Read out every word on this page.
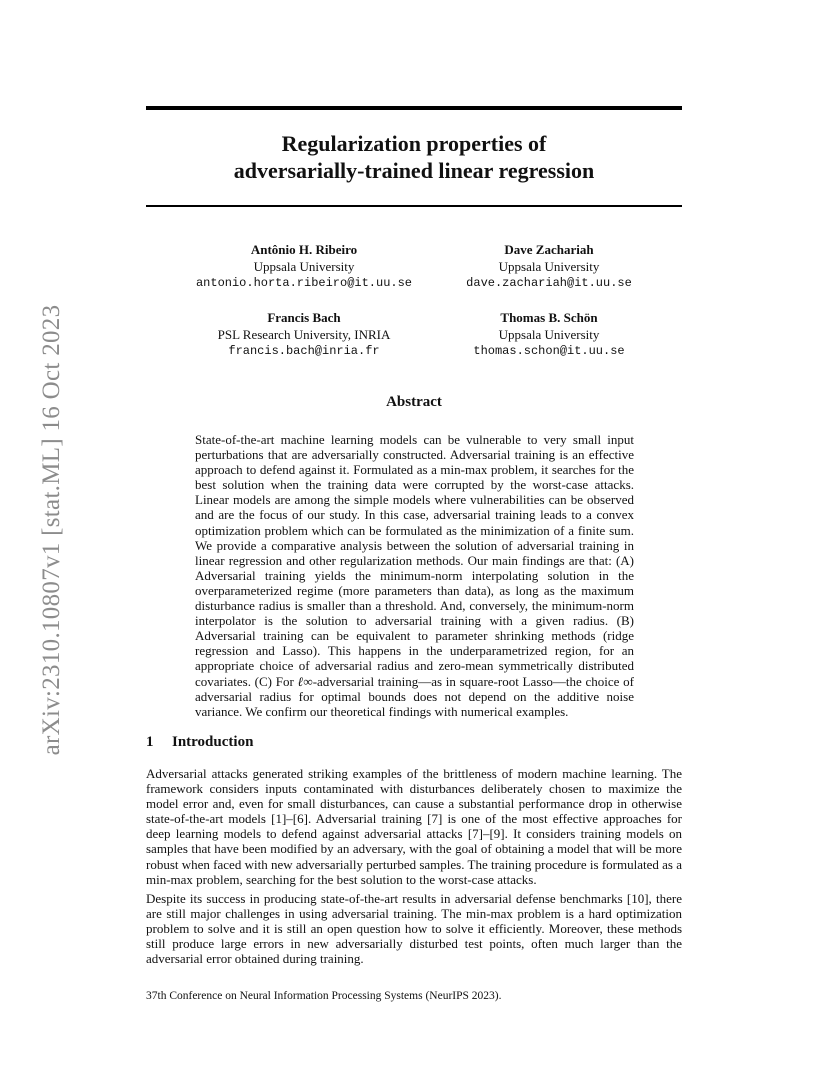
arXiv:2310.10807v1 [stat.ML] 16 Oct 2023
Regularization properties of
adversarially-trained linear regression
Antônio H. Ribeiro
Uppsala University
antonio.horta.ribeiro@it.uu.se
Dave Zachariah
Uppsala University
dave.zachariah@it.uu.se
Francis Bach
PSL Research University, INRIA
francis.bach@inria.fr
Thomas B. Schön
Uppsala University
thomas.schon@it.uu.se
Abstract
State-of-the-art machine learning models can be vulnerable to very small input perturbations that are adversarially constructed. Adversarial training is an effective approach to defend against it. Formulated as a min-max problem, it searches for the best solution when the training data were corrupted by the worst-case attacks. Linear models are among the simple models where vulnerabilities can be observed and are the focus of our study. In this case, adversarial training leads to a convex optimization problem which can be formulated as the minimization of a finite sum. We provide a comparative analysis between the solution of adversarial training in linear regression and other regularization methods. Our main findings are that: (A) Adversarial training yields the minimum-norm interpolating solution in the overparameterized regime (more parameters than data), as long as the maximum disturbance radius is smaller than a threshold. And, conversely, the minimum-norm interpolator is the solution to adversarial training with a given radius. (B) Adversarial training can be equivalent to parameter shrinking methods (ridge regression and Lasso). This happens in the underparametrized region, for an appropriate choice of adversarial radius and zero-mean symmetrically distributed covariates. (C) For ℓ∞-adversarial training—as in square-root Lasso—the choice of adversarial radius for optimal bounds does not depend on the additive noise variance. We confirm our theoretical findings with numerical examples.
1 Introduction
Adversarial attacks generated striking examples of the brittleness of modern machine learning. The framework considers inputs contaminated with disturbances deliberately chosen to maximize the model error and, even for small disturbances, can cause a substantial performance drop in otherwise state-of-the-art models [1]–[6]. Adversarial training [7] is one of the most effective approaches for deep learning models to defend against adversarial attacks [7]–[9]. It considers training models on samples that have been modified by an adversary, with the goal of obtaining a model that will be more robust when faced with new adversarially perturbed samples. The training procedure is formulated as a min-max problem, searching for the best solution to the worst-case attacks.
Despite its success in producing state-of-the-art results in adversarial defense benchmarks [10], there are still major challenges in using adversarial training. The min-max problem is a hard optimization problem to solve and it is still an open question how to solve it efficiently. Moreover, these methods still produce large errors in new adversarially disturbed test points, often much larger than the adversarial error obtained during training.
37th Conference on Neural Information Processing Systems (NeurIPS 2023).
